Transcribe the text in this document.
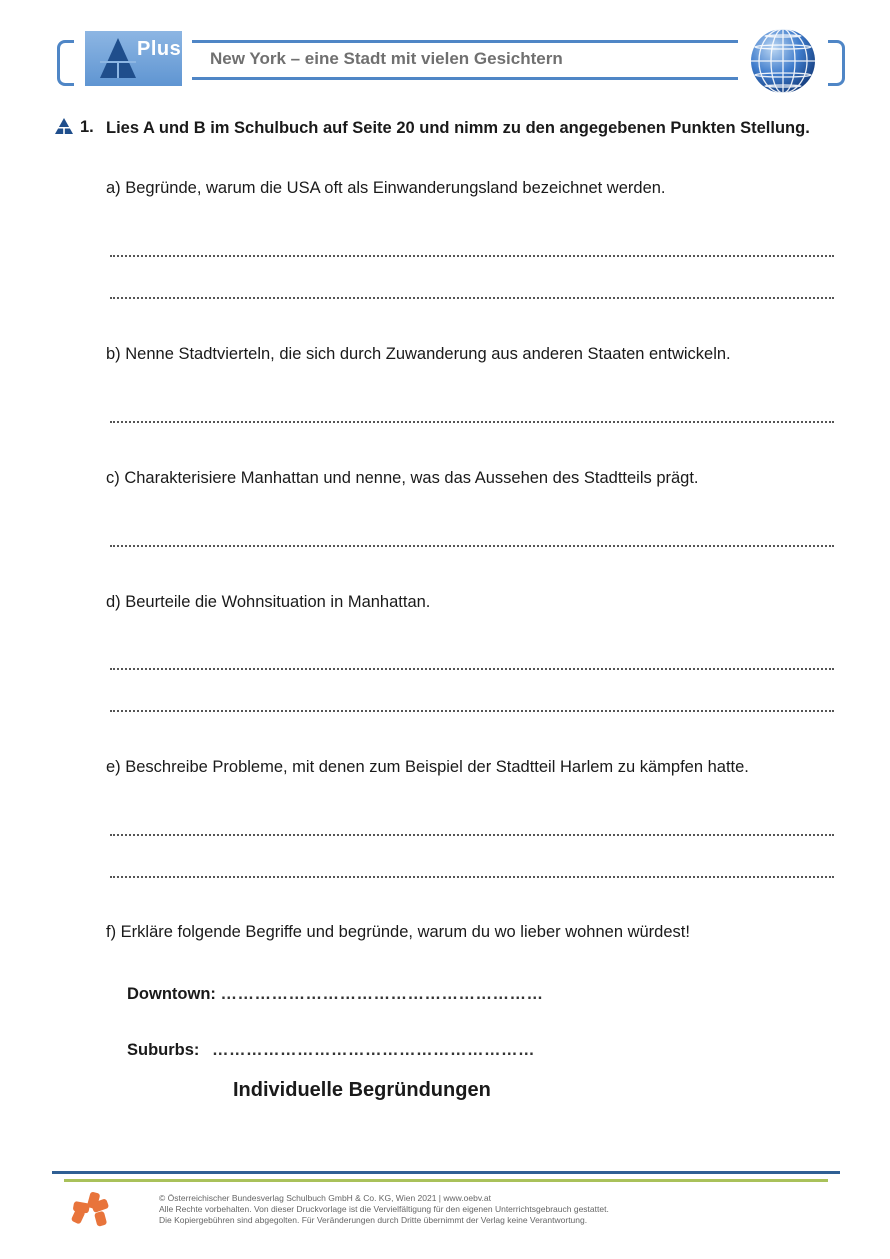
Plus New York – eine Stadt mit vielen Gesichtern
1. Lies A und B im Schulbuch auf Seite 20 und nimm zu den angegebenen Punkten Stellung.
a) Begründe, warum die USA oft als Einwanderungsland bezeichnet werden.
b) Nenne Stadtvierteln, die sich durch Zuwanderung aus anderen Staaten entwickeln.
c) Charakterisiere Manhattan und nenne, was das Aussehen des Stadtteils prägt.
d) Beurteile die Wohnsituation in Manhattan.
e) Beschreibe Probleme, mit denen zum Beispiel der Stadtteil Harlem zu kämpfen hatte.
f) Erkläre folgende Begriffe und begründe, warum du wo lieber wohnen würdest!
Downtown: …………………………………………………
Suburbs: …………………………………………………
Individuelle Begründungen
© Österreichischer Bundesverlag Schulbuch GmbH & Co. KG, Wien 2021 | www.oebv.at
Alle Rechte vorbehalten. Von dieser Druckvorlage ist die Vervielfältigung für den eigenen Unterrichtsgebrauch gestattet.
Die Kopiergebühren sind abgegolten. Für Veränderungen durch Dritte übernimmt der Verlag keine Verantwortung.
